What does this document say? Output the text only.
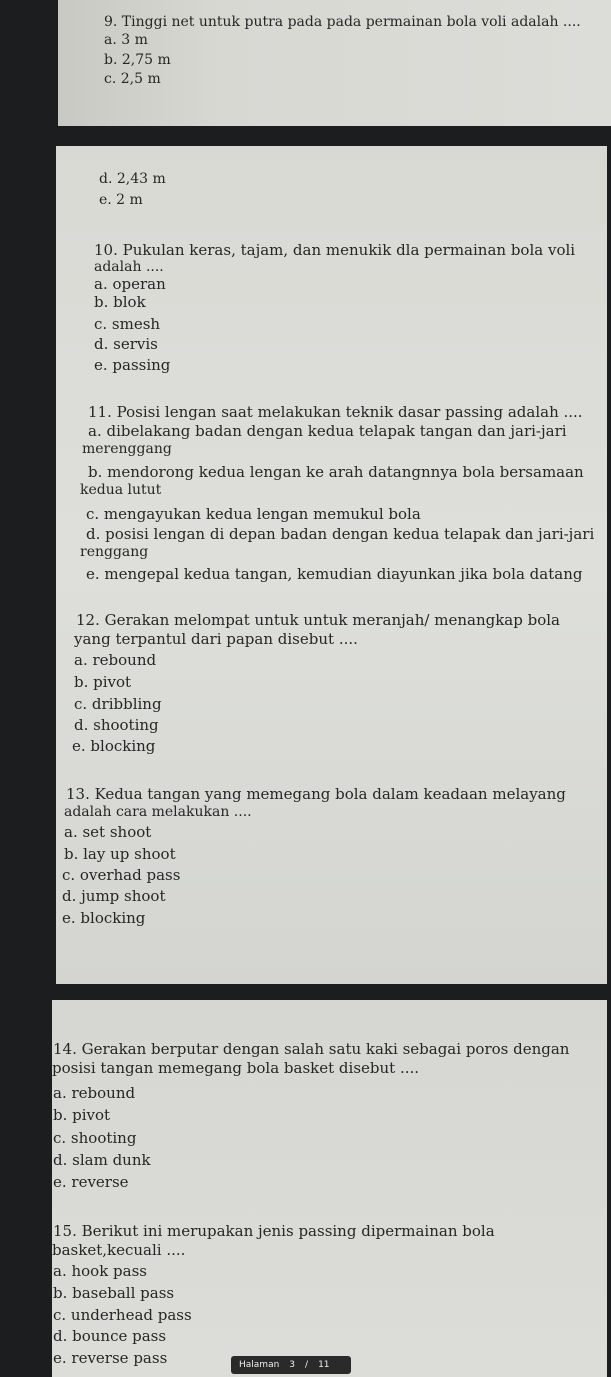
9. Tinggi net untuk putra pada pada permainan bola voli adalah ....
a. 3 m
b. 2,75 m
c. 2,5 m
d. 2,43 m
e. 2 m
10. Pukulan keras, tajam, dan menukik dla permainan bola voli
adalah ....
a. operan
b. blok
c. smesh
d. servis
e. passing
11. Posisi lengan saat melakukan teknik dasar passing adalah ....
a. dibelakang badan dengan kedua telapak tangan dan jari-jari
merenggang
b. mendorong kedua lengan ke arah datangnnya bola bersamaan
kedua lutut
c. mengayukan kedua lengan memukul bola
d. posisi lengan di depan badan dengan kedua telapak dan jari-jari
renggang
e. mengepal kedua tangan, kemudian diayunkan jika bola datang
12. Gerakan melompat untuk untuk meranjah/ menangkap bola
yang terpantul dari papan disebut ....
a. rebound
b. pivot
c. dribbling
d. shooting
e. blocking
13. Kedua tangan yang memegang bola dalam keadaan melayang
adalah cara melakukan ....
a. set shoot
b. lay up shoot
c. overhad pass
d. jump shoot
e. blocking
14. Gerakan berputar dengan salah satu kaki sebagai poros dengan
posisi tangan memegang bola basket disebut ....
a. rebound
b. pivot
c. shooting
d. slam dunk
e. reverse
15. Berikut ini merupakan jenis passing dipermainan bola
basket,kecuali ....
a. hook pass
b. baseball pass
c. underhead pass
d. bounce pass
e. reverse pass	Halaman 3 / 11
